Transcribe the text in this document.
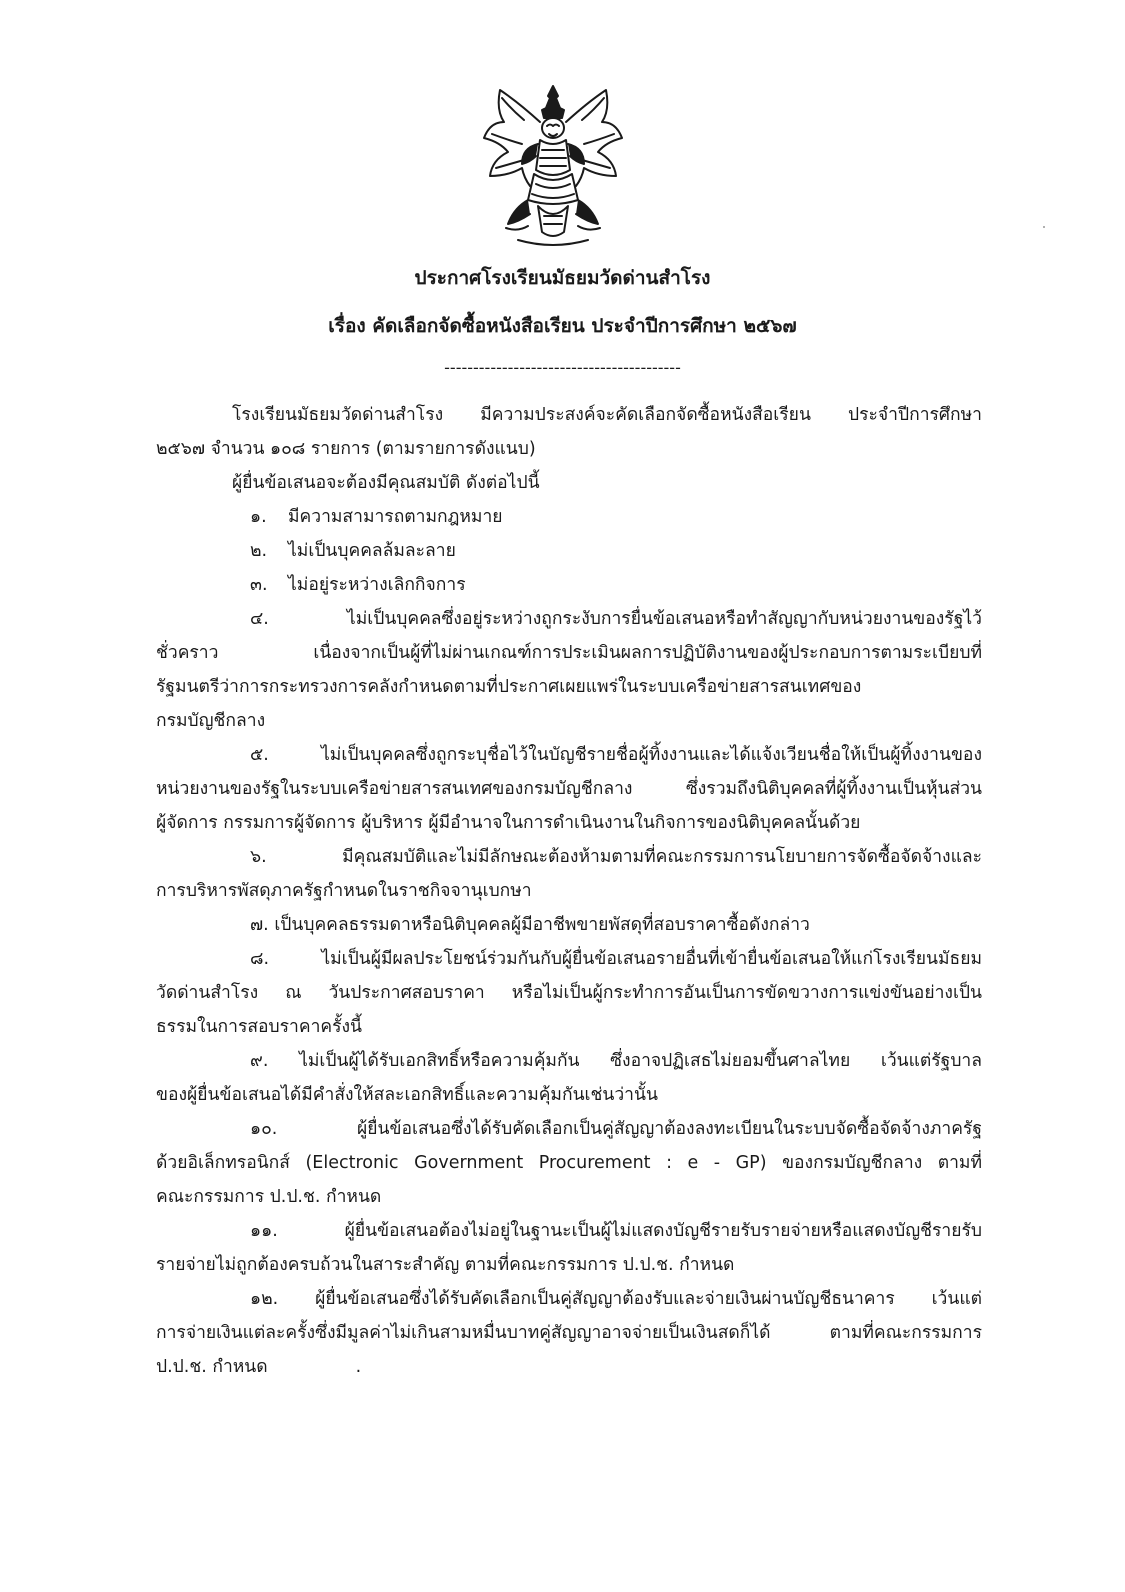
ประกาศโรงเรียนมัธยมวัดด่านสำโรง
เรื่อง คัดเลือกจัดซื้อหนังสือเรียน ประจำปีการศึกษา ๒๕๖๗
-----------------------------------------
โรงเรียนมัธยมวัดด่านสำโรง มีความประสงค์จะคัดเลือกจัดซื้อหนังสือเรียน ประจำปีการศึกษา
๒๕๖๗ จำนวน ๑๐๘ รายการ (ตามรายการดังแนบ)
ผู้ยื่นข้อเสนอจะต้องมีคุณสมบัติ ดังต่อไปนี้
๑. มีความสามารถตามกฎหมาย
๒. ไม่เป็นบุคคลล้มละลาย
๓. ไม่อยู่ระหว่างเลิกกิจการ
๔.	ไม่เป็นบุคคลซึ่งอยู่ระหว่างถูกระงับการยื่นข้อเสนอหรือทำสัญญากับหน่วยงานของรัฐไว้
ชั่วคราว เนื่องจากเป็นผู้ที่ไม่ผ่านเกณฑ์การประเมินผลการปฏิบัติงานของผู้ประกอบการตามระเบียบที่
รัฐมนตรีว่าการกระทรวงการคลังกำหนดตามที่ประกาศเผยแพร่ในระบบเครือข่ายสารสนเทศของ
กรมบัญชีกลาง
๕.	ไม่เป็นบุคคลซึ่งถูกระบุชื่อไว้ในบัญชีรายชื่อผู้ทิ้งงานและได้แจ้งเวียนชื่อให้เป็นผู้ทิ้งงานของ
หน่วยงานของรัฐในระบบเครือข่ายสารสนเทศของกรมบัญชีกลาง ซึ่งรวมถึงนิติบุคคลที่ผู้ทิ้งงานเป็นหุ้นส่วน
ผู้จัดการ กรรมการผู้จัดการ ผู้บริหาร ผู้มีอำนาจในการดำเนินงานในกิจการของนิติบุคคลนั้นด้วย
๖.	มีคุณสมบัติและไม่มีลักษณะต้องห้ามตามที่คณะกรรมการนโยบายการจัดซื้อจัดจ้างและ
การบริหารพัสดุภาครัฐกำหนดในราชกิจจานุเบกษา
๗. เป็นบุคคลธรรมดาหรือนิติบุคคลผู้มีอาชีพขายพัสดุที่สอบราคาซื้อดังกล่าว
๘.	ไม่เป็นผู้มีผลประโยชน์ร่วมกันกับผู้ยื่นข้อเสนอรายอื่นที่เข้ายื่นข้อเสนอให้แก่โรงเรียนมัธยม
วัดด่านสำโรง ณ วันประกาศสอบราคา หรือไม่เป็นผู้กระทำการอันเป็นการขัดขวางการแข่งขันอย่างเป็น
ธรรมในการสอบราคาครั้งนี้
๙. ไม่เป็นผู้ได้รับเอกสิทธิ์หรือความคุ้มกัน ซึ่งอาจปฏิเสธไม่ยอมขึ้นศาลไทย เว้นแต่รัฐบาล
ของผู้ยื่นข้อเสนอได้มีคำสั่งให้สละเอกสิทธิ์และความคุ้มกันเช่นว่านั้น
๑๐.	ผู้ยื่นข้อเสนอซึ่งได้รับคัดเลือกเป็นคู่สัญญาต้องลงทะเบียนในระบบจัดซื้อจัดจ้างภาครัฐ
ด้วยอิเล็กทรอนิกส์ (Electronic Government Procurement : e - GP) ของกรมบัญชีกลาง ตามที่
คณะกรรมการ ป.ป.ช. กำหนด
๑๑.	ผู้ยื่นข้อเสนอต้องไม่อยู่ในฐานะเป็นผู้ไม่แสดงบัญชีรายรับรายจ่ายหรือแสดงบัญชีรายรับ
รายจ่ายไม่ถูกต้องครบถ้วนในสาระสำคัญ ตามที่คณะกรรมการ ป.ป.ช. กำหนด
๑๒. ผู้ยื่นข้อเสนอซึ่งได้รับคัดเลือกเป็นคู่สัญญาต้องรับและจ่ายเงินผ่านบัญชีธนาคาร เว้นแต่
การจ่ายเงินแต่ละครั้งซึ่งมีมูลค่าไม่เกินสามหมื่นบาทคู่สัญญาอาจจ่ายเป็นเงินสดก็ได้ ตามที่คณะกรรมการ
ป.ป.ช. กำหนด	.
